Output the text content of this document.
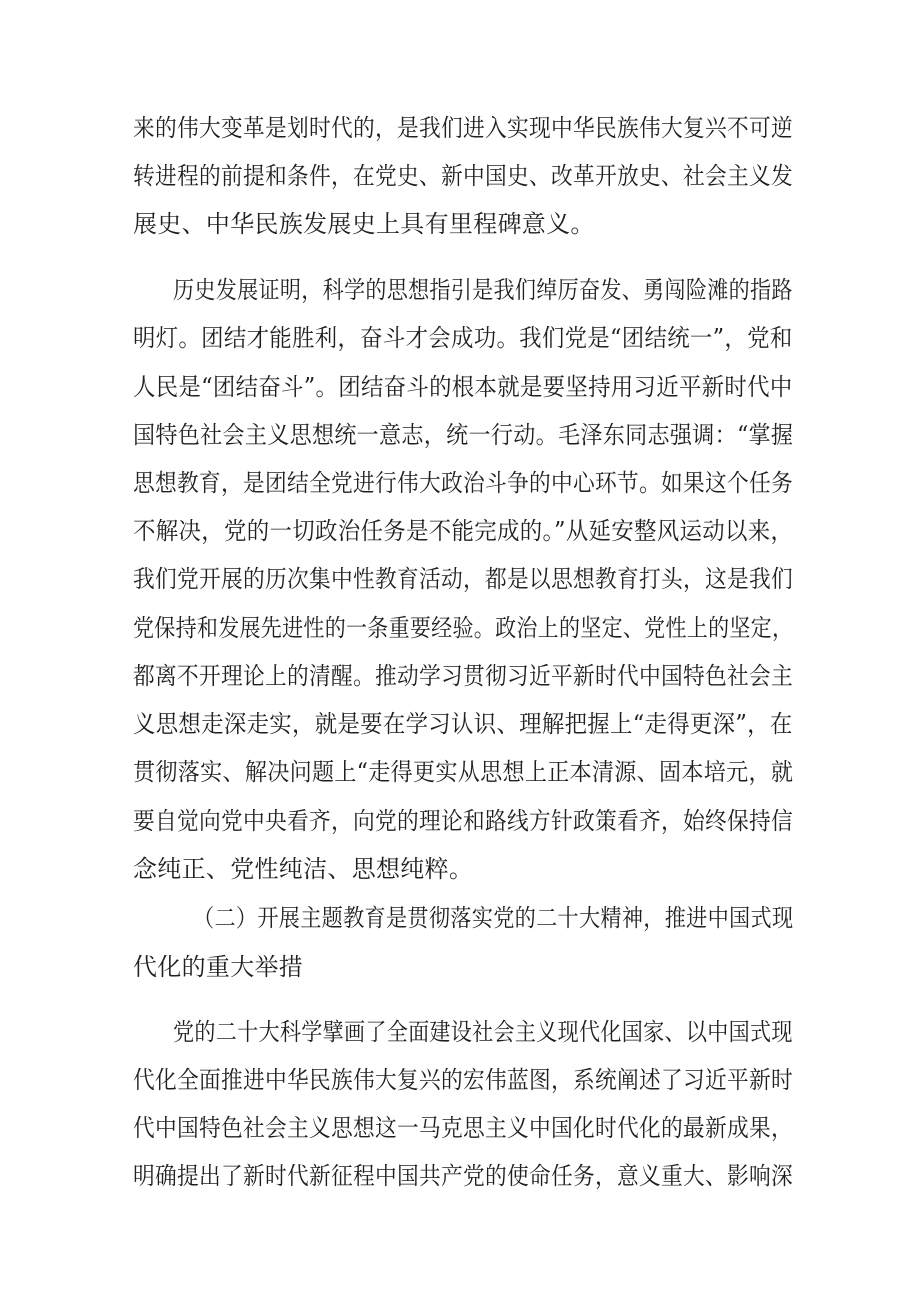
来的伟大变革是划时代的，是我们进入实现中华民族伟大复兴不可逆
转进程的前提和条件，在党史、新中国史、改革开放史、社会主义发
展史、中华民族发展史上具有里程碑意义。
历史发展证明，科学的思想指引是我们绰厉奋发、勇闯险滩的指路
明灯。团结才能胜利，奋斗才会成功。我们党是“团结统一”，党和
人民是“团结奋斗”。团结奋斗的根本就是要坚持用习近平新时代中
国特色社会主义思想统一意志，统一行动。毛泽东同志强调：“掌握
思想教育，是团结全党进行伟大政治斗争的中心环节。如果这个任务
不解决，党的一切政治任务是不能完成的。”从延安整风运动以来，
我们党开展的历次集中性教育活动，都是以思想教育打头，这是我们
党保持和发展先进性的一条重要经验。政治上的坚定、党性上的坚定，
都离不开理论上的清醒。推动学习贯彻习近平新时代中国特色社会主
义思想走深走实，就是要在学习认识、理解把握上“走得更深”，在
贯彻落实、解决问题上“走得更实从思想上正本清源、固本培元，就
要自觉向党中央看齐，向党的理论和路线方针政策看齐，始终保持信
念纯正、党性纯洁、思想纯粹。
（二）开展主题教育是贯彻落实党的二十大精神，推进中国式现
代化的重大举措
党的二十大科学擘画了全面建设社会主义现代化国家、以中国式现
代化全面推进中华民族伟大复兴的宏伟蓝图，系统阐述了习近平新时
代中国特色社会主义思想这一马克思主义中国化时代化的最新成果，
明确提出了新时代新征程中国共产党的使命任务，意义重大、影响深
